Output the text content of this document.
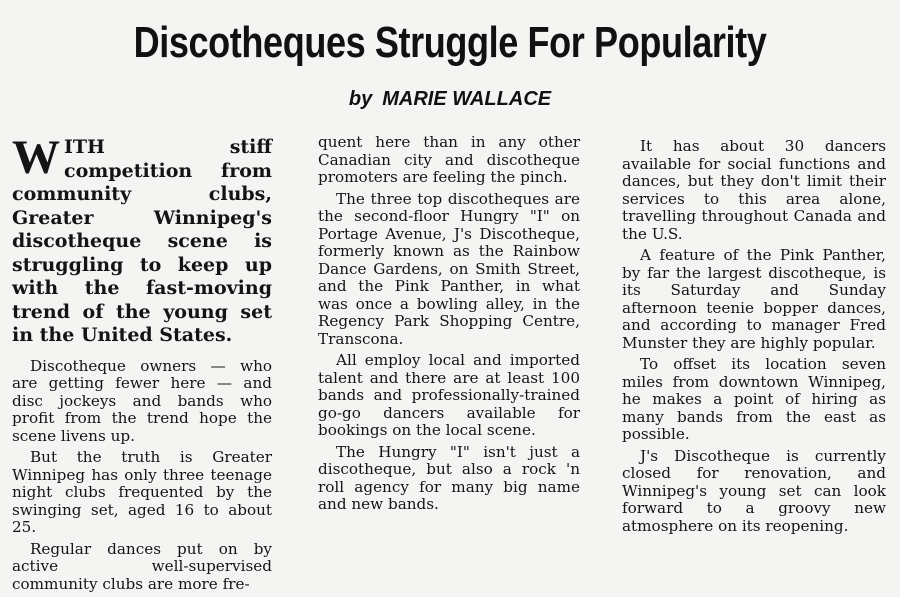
Discotheques Struggle For Popularity
by MARIE WALLACE

WITH stiff competition from community clubs, Greater Winnipeg's discotheque scene is struggling to keep up with the fast-moving trend of the young set in the United States.

Discotheque owners — who are getting fewer here — and disc jockeys and bands who profit from the trend hope the scene livens up.

But the truth is Greater Winnipeg has only three teenage night clubs frequented by the swinging set, aged 16 to about 25.

Regular dances put on by active well-supervised community clubs are more fre-

quent here than in any other Canadian city and discotheque promoters are feeling the pinch.

The three top discotheques are the second-floor Hungry "I" on Portage Avenue, J's Discotheque, formerly known as the Rainbow Dance Gardens, on Smith Street, and the Pink Panther, in what was once a bowling alley, in the Regency Park Shopping Centre, Transcona.

All employ local and imported talent and there are at least 100 bands and professionally-trained go-go dancers available for bookings on the local scene.

The Hungry "I" isn't just a discotheque, but also a rock 'n roll agency for many big name and new bands.

It has about 30 dancers available for social functions and dances, but they don't limit their services to this area alone, travelling throughout Canada and the U.S.

A feature of the Pink Panther, by far the largest discotheque, is its Saturday and Sunday afternoon teenie bopper dances, and according to manager Fred Munster they are highly popular.

To offset its location seven miles from downtown Winnipeg, he makes a point of hiring as many bands from the east as possible.

J's Discotheque is currently closed for renovation, and Winnipeg's young set can look forward to a groovy new atmosphere on its reopening.
